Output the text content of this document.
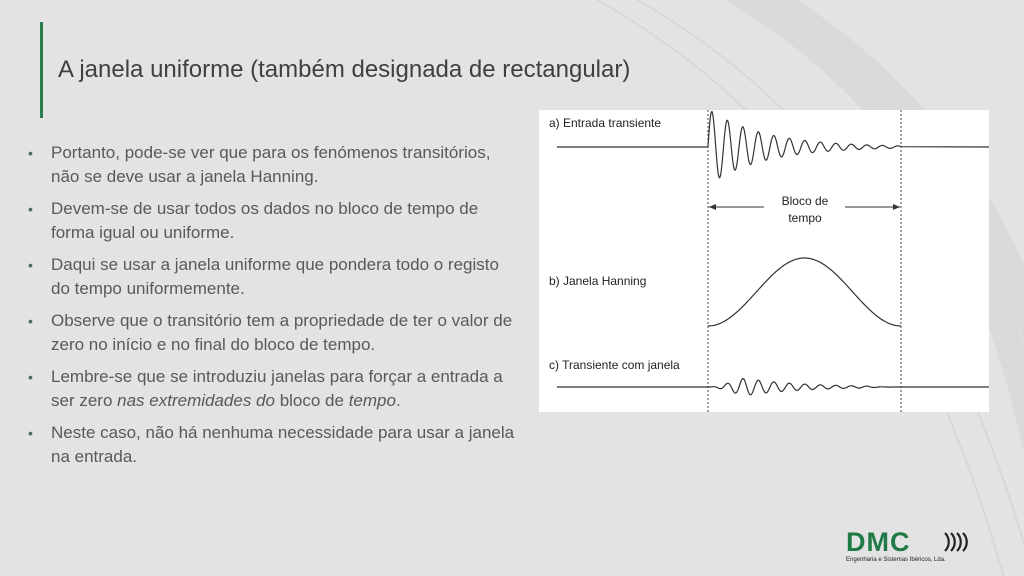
A janela uniforme (também designada de rectangular)
• Portanto, pode-se ver que para os fenómenos transitórios, não se deve usar a janela Hanning.
• Devem-se de usar todos os dados no bloco de tempo de forma igual ou uniforme.
• Daqui se usar a janela uniforme que pondera todo o registo do tempo uniformemente.
• Observe que o transitório tem a propriedade de ter o valor de zero no início e no final do bloco de tempo.
• Lembre-se que se introduziu janelas para forçar a entrada a ser zero nas extremidades do bloco de tempo.
• Neste caso, não há nenhuma necessidade para usar a janela na entrada.
a) Entrada transiente
Bloco de
tempo
b) Janela Hanning
c) Transiente com janela
DMC
Engenharia e Sistemas Ibéricos, Lda.
